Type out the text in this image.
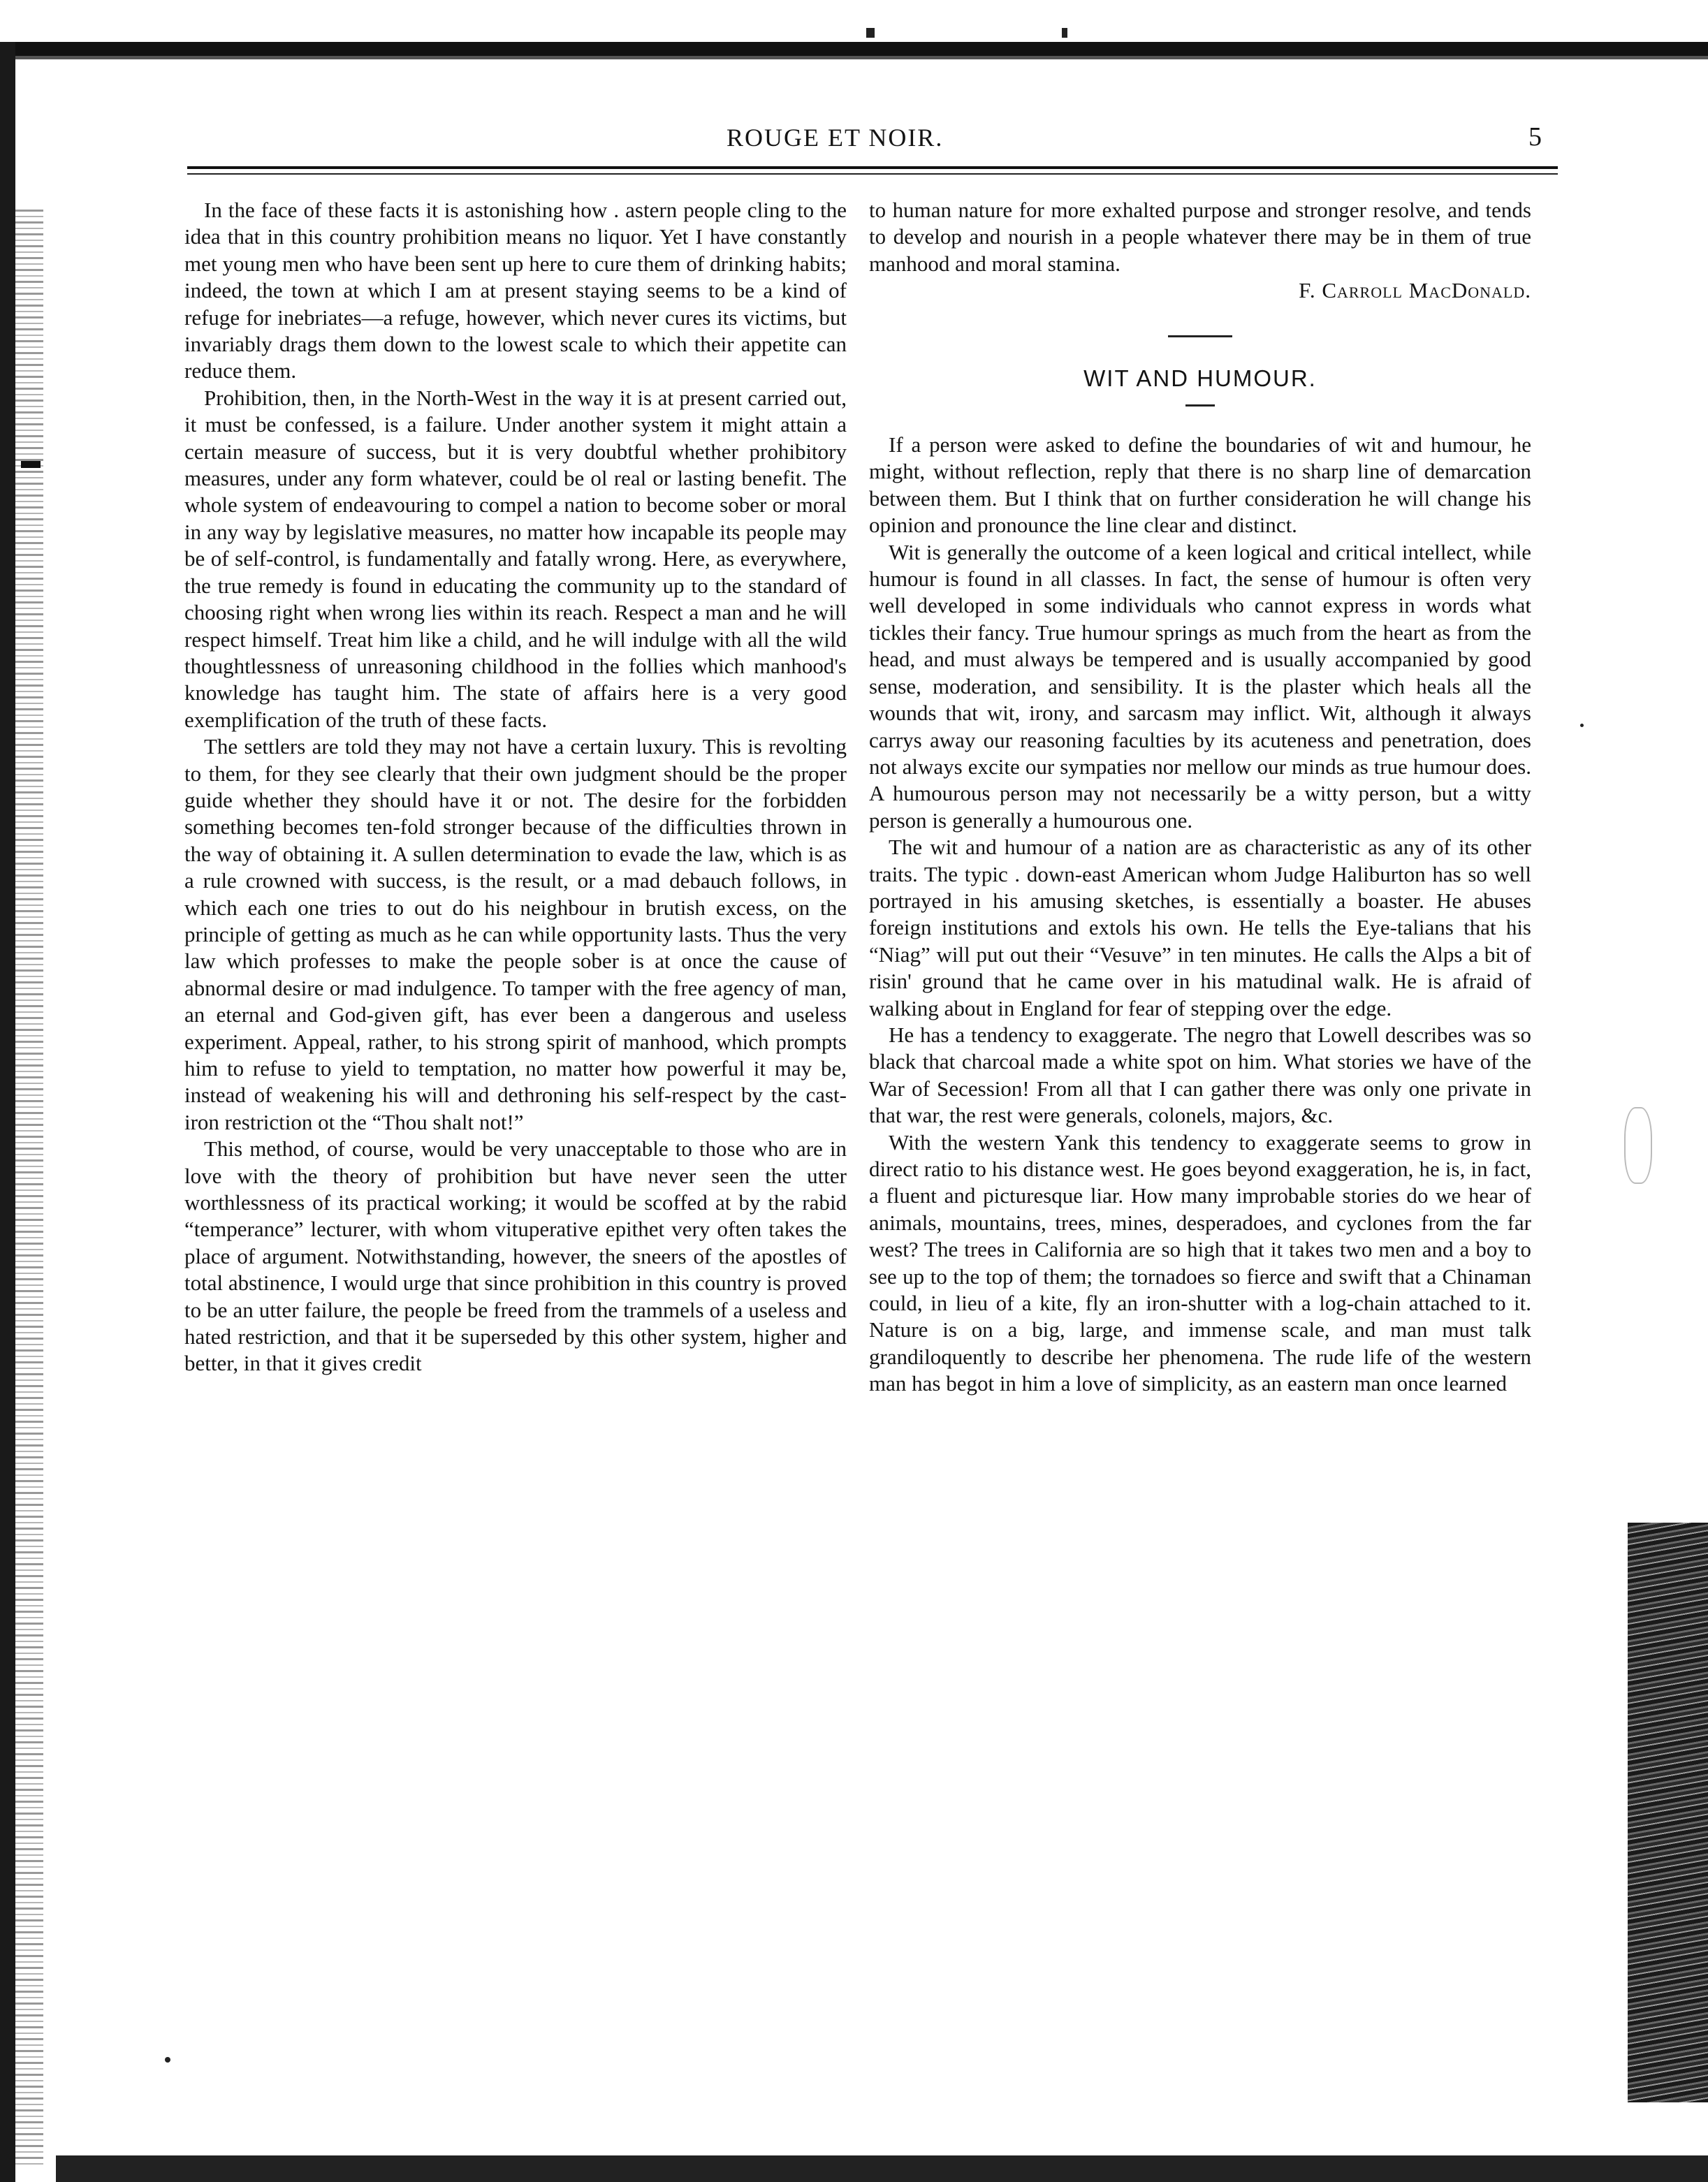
ROUGE ET NOIR.	5

In the face of these facts it is astonishing how . astern people cling to the idea that in this country prohibition means no liquor. Yet I have constantly met young men who have been sent up here to cure them of drinking habits; indeed, the town at which I am at present staying seems to be a kind of refuge for inebriates—a refuge, however, which never cures its victims, but invariably drags them down to the lowest scale to which their appetite can reduce them.

Prohibition, then, in the North-West in the way it is at present carried out, it must be confessed, is a failure. Under another system it might attain a certain measure of success, but it is very doubtful whether prohibitory measures, under any form whatever, could be ol real or lasting benefit. The whole system of endeavouring to compel a nation to become sober or moral in any way by legislative measures, no matter how incapable its people may be of self-control, is fundamentally and fatally wrong. Here, as everywhere, the true remedy is found in educating the community up to the standard of choosing right when wrong lies within its reach. Respect a man and he will respect himself. Treat him like a child, and he will indulge with all the wild thoughtlessness of unreasoning childhood in the follies which manhood's knowledge has taught him. The state of affairs here is a very good exemplification of the truth of these facts.

The settlers are told they may not have a certain luxury. This is revolting to them, for they see clearly that their own judgment should be the proper guide whether they should have it or not. The desire for the forbidden something becomes ten-fold stronger because of the difficulties thrown in the way of obtaining it. A sullen determination to evade the law, which is as a rule crowned with success, is the result, or a mad debauch follows, in which each one tries to out do his neighbour in brutish excess, on the principle of getting as much as he can while opportunity lasts. Thus the very law which professes to make the people sober is at once the cause of abnormal desire or mad indulgence. To tamper with the free agency of man, an eternal and God-given gift, has ever been a dangerous and useless experiment. Appeal, rather, to his strong spirit of manhood, which prompts him to refuse to yield to temptation, no matter how powerful it may be, instead of weakening his will and dethroning his self-respect by the cast-iron restriction ot the “Thou shalt not!”

This method, of course, would be very unacceptable to those who are in love with the theory of prohibition but have never seen the utter worthlessness of its practical working; it would be scoffed at by the rabid “temperance” lecturer, with whom vituperative epithet very often takes the place of argument. Notwithstanding, however, the sneers of the apostles of total abstinence, I would urge that since prohibition in this country is proved to be an utter failure, the people be freed from the trammels of a useless and hated restriction, and that it be superseded by this other system, higher and better, in that it gives credit

to human nature for more exhalted purpose and stronger resolve, and tends to develop and nourish in a people whatever there may be in them of true manhood and moral stamina.

F. Carroll MacDonald.
WIT AND HUMOUR.

If a person were asked to define the boundaries of wit and humour, he might, without reflection, reply that there is no sharp line of demarcation between them. But I think that on further consideration he will change his opinion and pronounce the line clear and distinct.

Wit is generally the outcome of a keen logical and critical intellect, while humour is found in all classes. In fact, the sense of humour is often very well developed in some individuals who cannot express in words what tickles their fancy. True humour springs as much from the heart as from the head, and must always be tempered and is usually accompanied by good sense, moderation, and sensibility. It is the plaster which heals all the wounds that wit, irony, and sarcasm may inflict. Wit, although it always carrys away our reasoning faculties by its acuteness and penetration, does not always excite our sympaties nor mellow our minds as true humour does. A humourous person may not necessarily be a witty person, but a witty person is generally a humourous one.

The wit and humour of a nation are as characteristic as any of its other traits. The typic . down-east American whom Judge Haliburton has so well portrayed in his amusing sketches, is essentially a boaster. He abuses foreign institutions and extols his own. He tells the Eye-talians that his “Niag” will put out their “Vesuve” in ten minutes. He calls the Alps a bit of risin' ground that he came over in his matudinal walk. He is afraid of walking about in England for fear of stepping over the edge.

He has a tendency to exaggerate. The negro that Lowell describes was so black that charcoal made a white spot on him. What stories we have of the War of Secession! From all that I can gather there was only one private in that war, the rest were generals, colonels, majors, &c.

With the western Yank this tendency to exaggerate seems to grow in direct ratio to his distance west. He goes beyond exaggeration, he is, in fact, a fluent and picturesque liar. How many improbable stories do we hear of animals, mountains, trees, mines, desperadoes, and cyclones from the far west? The trees in California are so high that it takes two men and a boy to see up to the top of them; the tornadoes so fierce and swift that a Chinaman could, in lieu of a kite, fly an iron-shutter with a log-chain attached to it. Nature is on a big, large, and immense scale, and man must talk grandiloquently to describe her phenomena. The rude life of the western man has begot in him a love of simplicity, as an eastern man once learned
